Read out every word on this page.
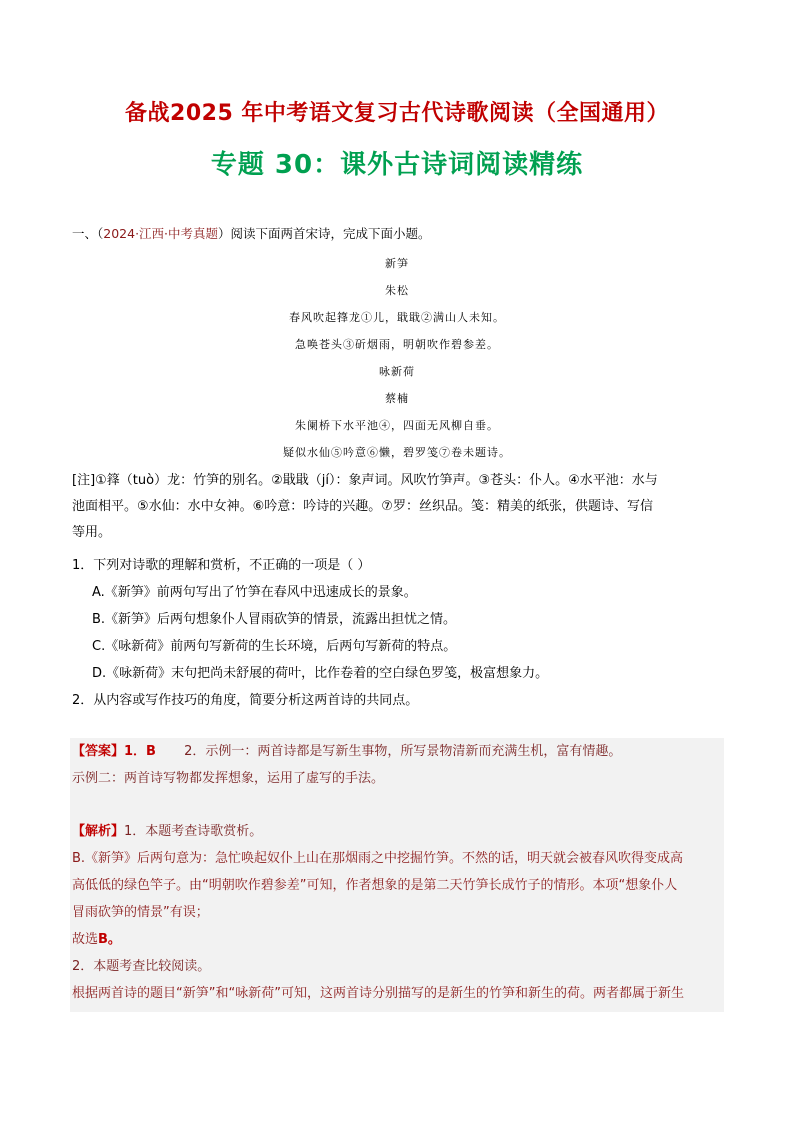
备战2025 年中考语文复习古代诗歌阅读（全国通用）
专题 30：课外古诗词阅读精练
一、（2024·江西·中考真题）阅读下面两首宋诗，完成下面小题。
新笋
朱松
春风吹起箨龙①儿，戢戢②满山人未知。
急唤苍头③斫烟雨，明朝吹作碧参差。
咏新荷
蔡楠
朱阑桥下水平池④，四面无风柳自垂。
疑似水仙⑤吟意⑥懒，碧罗笺⑦卷未题诗。
[注]①箨（tuò）龙：竹笋的别名。②戢戢（jí）：象声词。风吹竹笋声。③苍头：仆人。④水平池：水与
池面相平。⑤水仙：水中女神。⑥吟意：吟诗的兴趣。⑦罗：丝织品。笺：精美的纸张，供题诗、写信
等用。
1．下列对诗歌的理解和赏析，不正确的一项是（ ）
A.《新笋》前两句写出了竹笋在春风中迅速成长的景象。
B.《新笋》后两句想象仆人冒雨砍笋的情景，流露出担忧之情。
C.《咏新荷》前两句写新荷的生长环境，后两句写新荷的特点。
D.《咏新荷》末句把尚未舒展的荷叶，比作卷着的空白绿色罗笺，极富想象力。
2．从内容或写作技巧的角度，简要分析这两首诗的共同点。
【答案】1．B 2．示例一：两首诗都是写新生事物，所写景物清新而充满生机，富有情趣。
示例二：两首诗写物都发挥想象，运用了虚写的手法。
【解析】1．本题考查诗歌赏析。
B.《新笋》后两句意为：急忙唤起奴仆上山在那烟雨之中挖掘竹笋。不然的话，明天就会被春风吹得变成高
高低低的绿色竿子。由“明朝吹作碧参差”可知，作者想象的是第二天竹笋长成竹子的情形。本项“想象仆人
冒雨砍笋的情景”有误；
故选B。
2．本题考查比较阅读。
根据两首诗的题目“新笋”和“咏新荷”可知，这两首诗分别描写的是新生的竹笋和新生的荷。两者都属于新生
